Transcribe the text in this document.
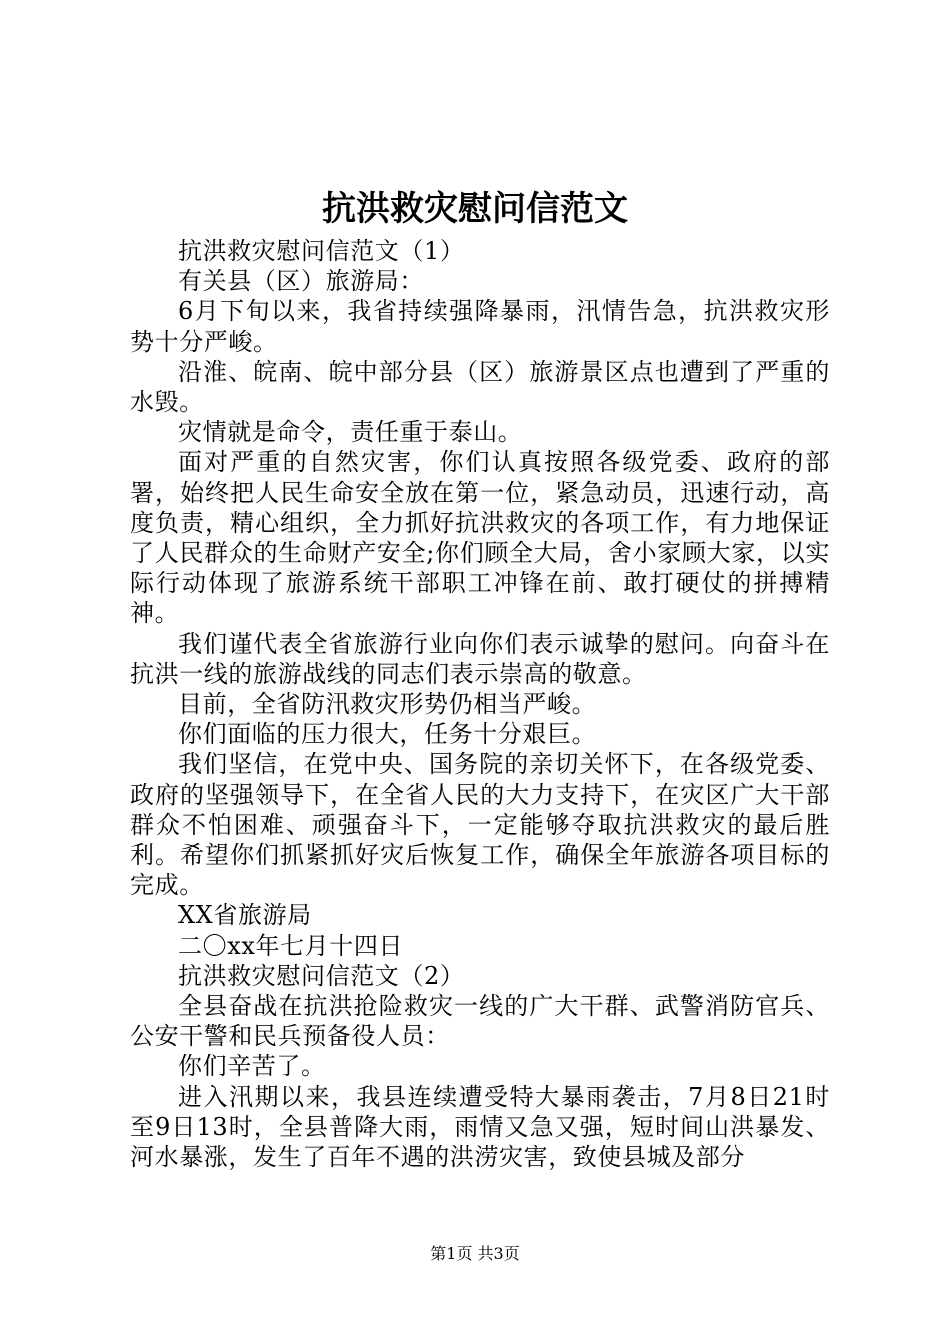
抗洪救灾慰问信范文

抗洪救灾慰问信范文（1）

有关县（区）旅游局：

6月下旬以来，我省持续强降暴雨，汛情告急，抗洪救灾形势十分严峻。

沿淮、皖南、皖中部分县（区）旅游景区点也遭到了严重的水毁。

灾情就是命令，责任重于泰山。

面对严重的自然灾害，你们认真按照各级党委、政府的部署，始终把人民生命安全放在第一位，紧急动员，迅速行动，高度负责，精心组织，全力抓好抗洪救灾的各项工作，有力地保证了人民群众的生命财产安全;你们顾全大局，舍小家顾大家，以实际行动体现了旅游系统干部职工冲锋在前、敢打硬仗的拼搏精神。

我们谨代表全省旅游行业向你们表示诚挚的慰问。向奋斗在抗洪一线的旅游战线的同志们表示崇高的敬意。

目前，全省防汛救灾形势仍相当严峻。

你们面临的压力很大，任务十分艰巨。

我们坚信，在党中央、国务院的亲切关怀下，在各级党委、政府的坚强领导下，在全省人民的大力支持下，在灾区广大干部群众不怕困难、顽强奋斗下，一定能够夺取抗洪救灾的最后胜利。希望你们抓紧抓好灾后恢复工作，确保全年旅游各项目标的完成。

XX省旅游局

二〇xx年七月十四日

抗洪救灾慰问信范文（2）

全县奋战在抗洪抢险救灾一线的广大干群、武警消防官兵、公安干警和民兵预备役人员：

你们辛苦了。

进入汛期以来，我县连续遭受特大暴雨袭击，7月8日21时至9日13时，全县普降大雨，雨情又急又强，短时间山洪暴发、河水暴涨，发生了百年不遇的洪涝灾害，致使县城及部分

第1页 共3页
